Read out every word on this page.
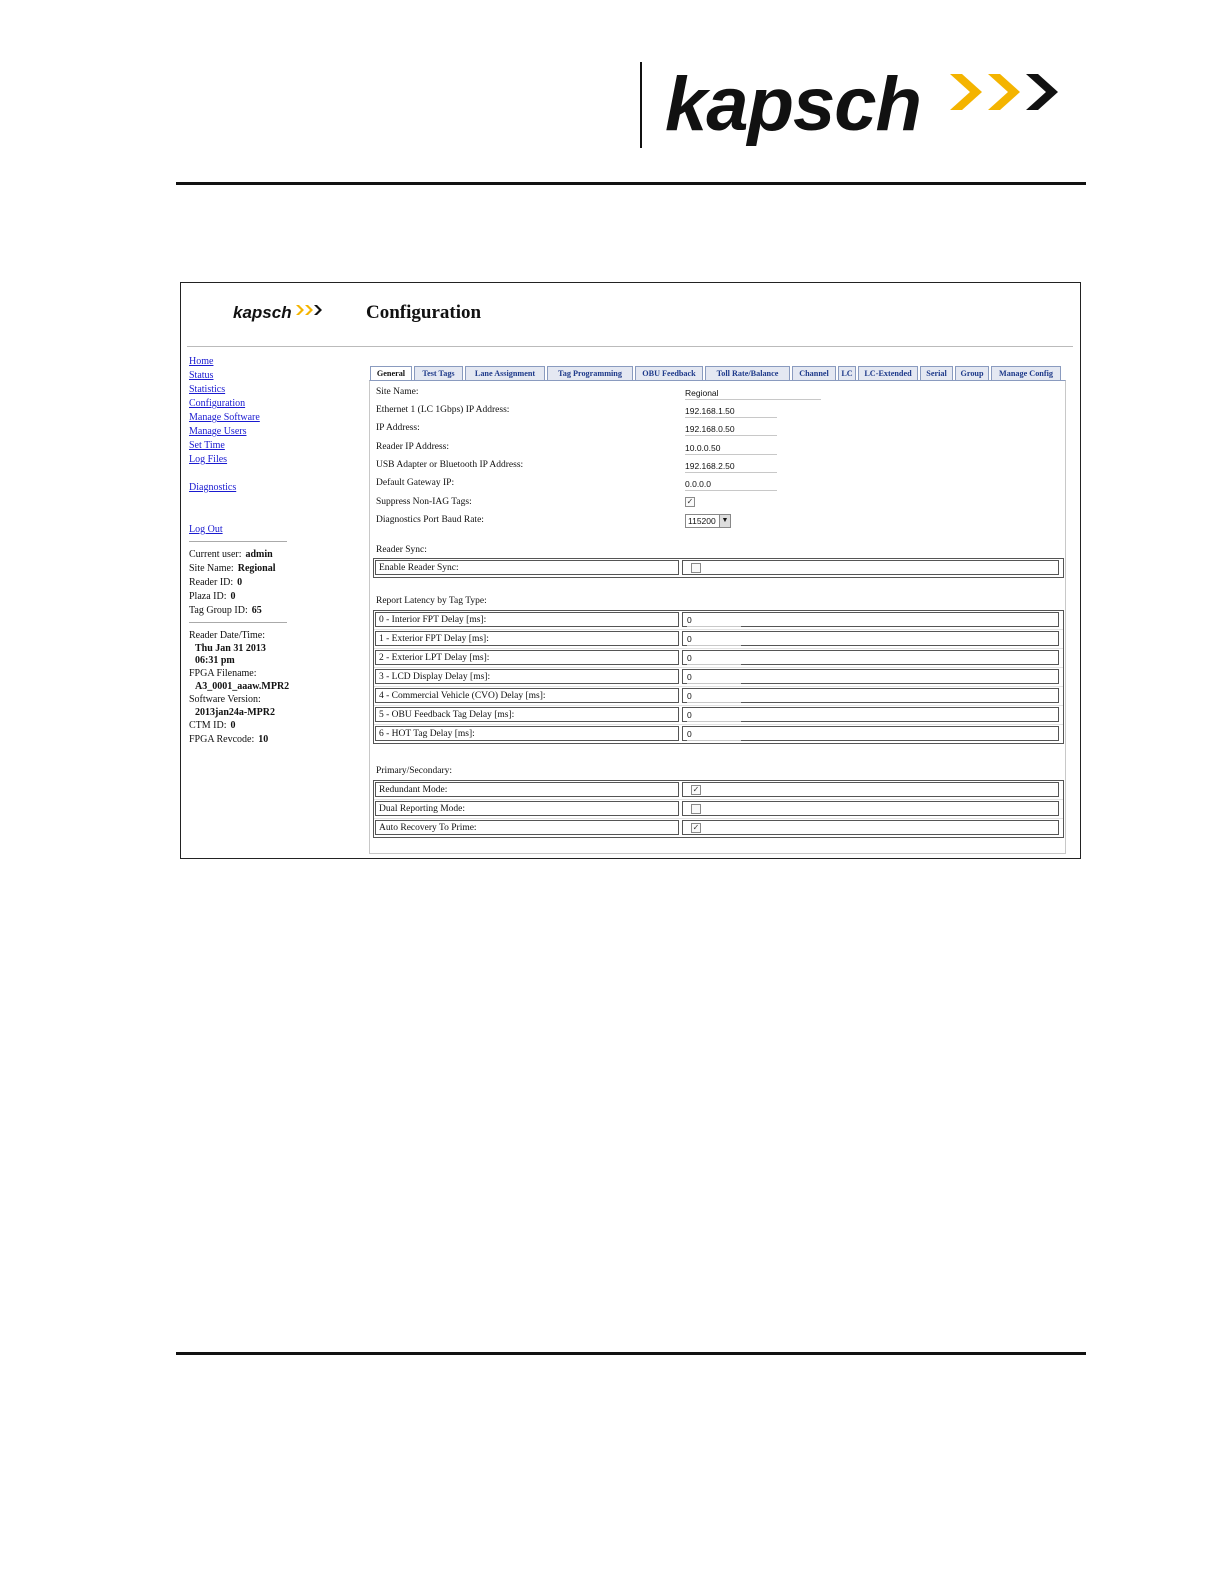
kapsch
kapsch	Configuration
Home
Status
Statistics
Configuration
Manage Software
Manage Users
Set Time
Log Files
Diagnostics
Log Out
Current user: admin
Site Name: Regional
Reader ID: 0
Plaza ID: 0
Tag Group ID: 65
Reader Date/Time:
Thu Jan 31 2013
06:31 pm
FPGA Filename:
A3_0001_aaaw.MPR2
Software Version:
2013jan24a-MPR2
CTM ID: 0
FPGA Revcode: 10
General	Test Tags	Lane Assignment	Tag Programming	OBU Feedback	Toll Rate/Balance	Channel	LC	LC-Extended	Serial	Group	Manage Config
Site Name:	Regional
Ethernet 1 (LC 1Gbps) IP Address:	192.168.1.50
IP Address:	192.168.0.50
Reader IP Address:	10.0.0.50
USB Adapter or Bluetooth IP Address:	192.168.2.50
Default Gateway IP:	0.0.0.0
Suppress Non-IAG Tags:	✓
Diagnostics Port Baud Rate:	115200 ▼
Reader Sync:
Enable Reader Sync:
Report Latency by Tag Type:
0 - Interior FPT Delay [ms]:	0
1 - Exterior FPT Delay [ms]:	0
2 - Exterior LPT Delay [ms]:	0
3 - LCD Display Delay [ms]:	0
4 - Commercial Vehicle (CVO) Delay [ms]:	0
5 - OBU Feedback Tag Delay [ms]:	0
6 - HOT Tag Delay [ms]:	0
Primary/Secondary:
Redundant Mode:	✓
Dual Reporting Mode:
Auto Recovery To Prime:	✓
